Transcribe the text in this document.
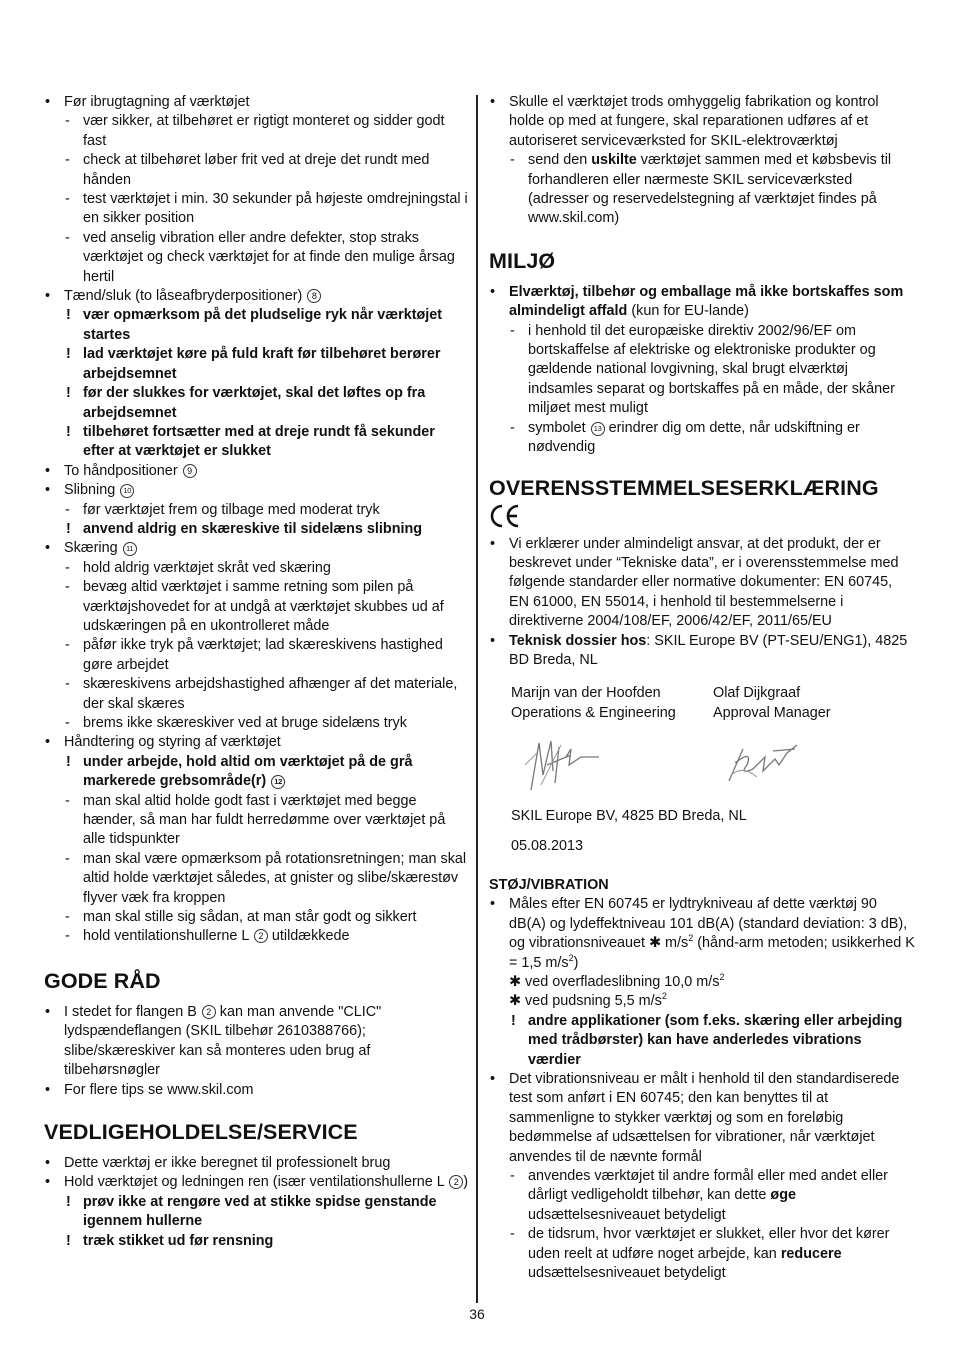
• Før ibrugtagning af værktøjet
- vær sikker, at tilbehøret er rigtigt monteret og sidder godt fast
- check at tilbehøret løber frit ved at dreje det rundt med hånden
- test værktøjet i min. 30 sekunder på højeste omdrejningstal i en sikker position
- ved anselig vibration eller andre defekter, stop straks værktøjet og check værktøjet for at finde den mulige årsag hertil
• Tænd/sluk (to låseafbryderpositioner) 8
! vær opmærksom på det pludselige ryk når værktøjet startes
! lad værktøjet køre på fuld kraft før tilbehøret berører arbejdsemnet
! før der slukkes for værktøjet, skal det løftes op fra arbejdsemnet
! tilbehøret fortsætter med at dreje rundt få sekunder efter at værktøjet er slukket
• To håndpositioner 9
• Slibning 10
- før værktøjet frem og tilbage med moderat tryk
! anvend aldrig en skæreskive til sidelæns slibning
• Skæring 11
- hold aldrig værktøjet skråt ved skæring
- bevæg altid værktøjet i samme retning som pilen på værktøjshovedet for at undgå at værktøjet skubbes ud af udskæringen på en ukontrolleret måde
- påfør ikke tryk på værktøjet; lad skæreskivens hastighed gøre arbejdet
- skæreskivens arbejdshastighed afhænger af det materiale, der skal skæres
- brems ikke skæreskiver ved at bruge sidelæns tryk
• Håndtering og styring af værktøjet
! under arbejde, hold altid om værktøjet på de grå markerede grebsområde(r) 12
- man skal altid holde godt fast i værktøjet med begge hænder, så man har fuldt herredømme over værktøjet på alle tidspunkter
- man skal være opmærksom på rotationsretningen; man skal altid holde værktøjet således, at gnister og slibe/skærestøv flyver væk fra kroppen
- man skal stille sig sådan, at man står godt og sikkert
- hold ventilationshullerne L 2 utildækkede
GODE RÅD
• I stedet for flangen B 2 kan man anvende "CLIC" lydspændeflangen (SKIL tilbehør 2610388766); slibe/skæreskiver kan så monteres uden brug af tilbehørsnøgler
• For flere tips se www.skil.com
VEDLIGEHOLDELSE/SERVICE
• Dette værktøj er ikke beregnet til professionelt brug
• Hold værktøjet og ledningen ren (især ventilationshullerne L 2 )
! prøv ikke at rengøre ved at stikke spidse genstande igennem hullerne
! træk stikket ud før rensning
• Skulle el værktøjet trods omhyggelig fabrikation og kontrol holde op med at fungere, skal reparationen udføres af et autoriseret serviceværksted for SKIL-elektroværktøj
- send den uskilte værktøjet sammen med et købsbevis til forhandleren eller nærmeste SKIL serviceværksted (adresser og reservedelstegning af værktøjet findes på www.skil.com)
MILJØ
• Elværktøj, tilbehør og emballage må ikke bortskaffes som almindeligt affald (kun for EU-lande)
- i henhold til det europæiske direktiv 2002/96/EF om bortskaffelse af elektriske og elektroniske produkter og gældende national lovgivning, skal brugt elværktøj indsamles separat og bortskaffes på en måde, der skåner miljøet mest muligt
- symbolet 13 erindrer dig om dette, når udskiftning er nødvendig
OVERENSSTEMMELSESERKLÆRING
• Vi erklærer under almindeligt ansvar, at det produkt, der er beskrevet under “Tekniske data”, er i overensstemmelse med følgende standarder eller normative dokumenter: EN 60745, EN 61000, EN 55014, i henhold til bestemmelserne i direktiverne 2004/108/EF, 2006/42/EF, 2011/65/EU
• Teknisk dossier hos: SKIL Europe BV (PT-SEU/ENG1), 4825 BD Breda, NL
Marijn van der Hoofden
Operations & Engineering
Olaf Dijkgraaf
Approval Manager
SKIL Europe BV, 4825 BD Breda, NL
05.08.2013
STØJ/VIBRATION
• Måles efter EN 60745 er lydtrykniveau af dette værktøj 90 dB(A) og lydeffektniveau 101 dB(A) (standard deviation: 3 dB), og vibrationsniveauet ✱ $m/s^2$ (hånd-arm metoden; usikkerhed K = 1,5 $m/s^2$)
✱ ved overfladeslibning 10,0 $m/s^2$
✱ ved pudsning 5,5 $m/s^2$
! andre applikationer (som f.eks. skæring eller arbejding med trådbørster) kan have anderledes vibrations værdier
• Det vibrationsniveau er målt i henhold til den standardiserede test som anført i EN 60745; den kan benyttes til at sammenligne to stykker værktøj og som en foreløbig bedømmelse af udsættelsen for vibrationer, når værktøjet anvendes til de nævnte formål
- anvendes værktøjet til andre formål eller med andet eller dårligt vedligeholdt tilbehør, kan dette øge udsættelsesniveauet betydeligt
- de tidsrum, hvor værktøjet er slukket, eller hvor det kører uden reelt at udføre noget arbejde, kan reducere udsættelsesniveauet betydeligt
36
